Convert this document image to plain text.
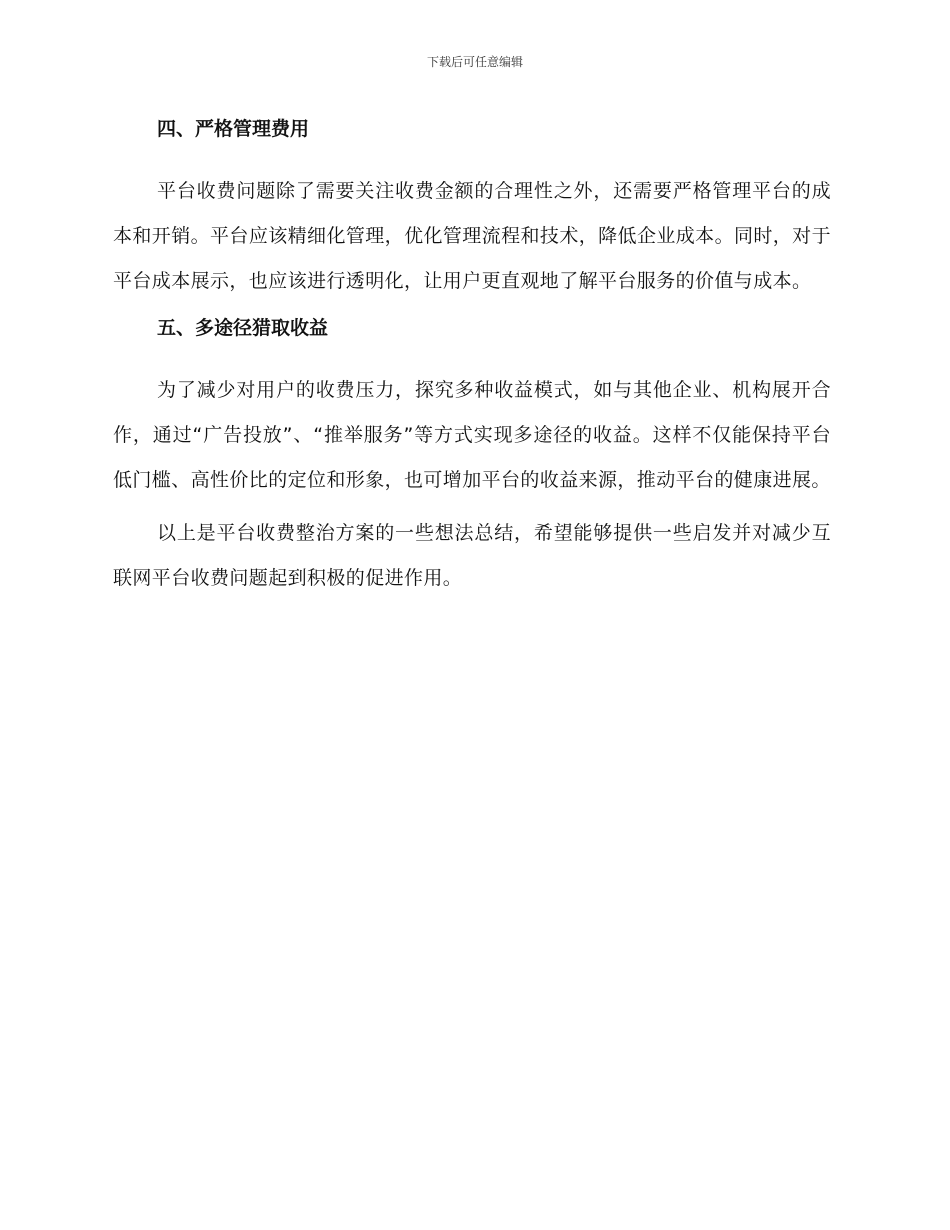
下载后可任意编辑
四、严格管理费用

平台收费问题除了需要关注收费金额的合理性之外，还需要严格管理平台的成本和开销。平台应该精细化管理，优化管理流程和技术，降低企业成本。同时，对于平台成本展示，也应该进行透明化，让用户更直观地了解平台服务的价值与成本。

五、多途径猎取收益

为了减少对用户的收费压力，探究多种收益模式，如与其他企业、机构展开合作，通过“广告投放”、“推举服务”等方式实现多途径的收益。这样不仅能保持平台低门槛、高性价比的定位和形象，也可增加平台的收益来源，推动平台的健康进展。

以上是平台收费整治方案的一些想法总结，希望能够提供一些启发并对减少互联网平台收费问题起到积极的促进作用。
